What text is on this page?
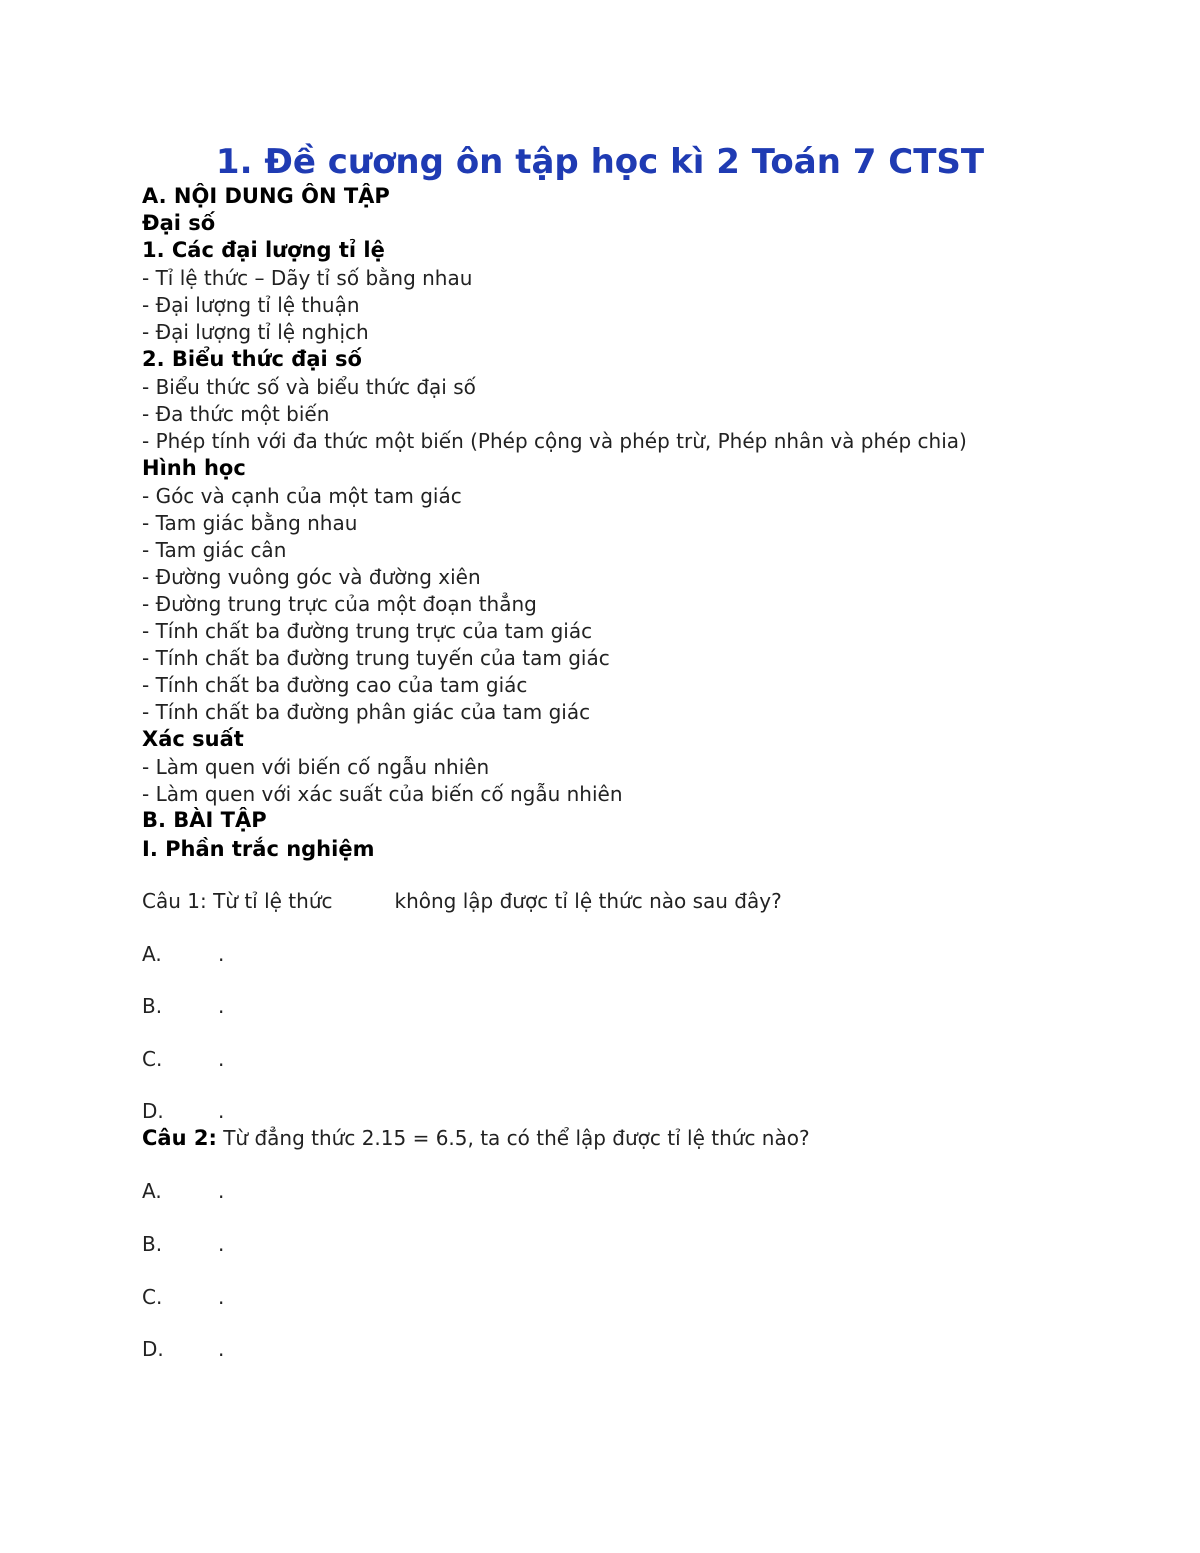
1. Đề cương ôn tập học kì 2 Toán 7 CTST
A. NỘI DUNG ÔN TẬP
Đại số
1. Các đại lượng tỉ lệ
- Tỉ lệ thức – Dãy tỉ số bằng nhau
- Đại lượng tỉ lệ thuận
- Đại lượng tỉ lệ nghịch
2. Biểu thức đại số
- Biểu thức số và biểu thức đại số
- Đa thức một biến
- Phép tính với đa thức một biến (Phép cộng và phép trừ, Phép nhân và phép chia)
Hình học
- Góc và cạnh của một tam giác
- Tam giác bằng nhau
- Tam giác cân
- Đường vuông góc và đường xiên
- Đường trung trực của một đoạn thẳng
- Tính chất ba đường trung trực của tam giác
- Tính chất ba đường trung tuyến của tam giác
- Tính chất ba đường cao của tam giác
- Tính chất ba đường phân giác của tam giác
Xác suất
- Làm quen với biến cố ngẫu nhiên
- Làm quen với xác suất của biến cố ngẫu nhiên
B. BÀI TẬP
I. Phần trắc nghiệm
Câu 1: Từ tỉ lệ thức	không lập được tỉ lệ thức nào sau đây?
A.	.
B.	.
C.	.
D.	.
Câu 2: Từ đẳng thức 2.15 = 6.5, ta có thể lập được tỉ lệ thức nào?
A.	.
B.	.
C.	.
D.	.
